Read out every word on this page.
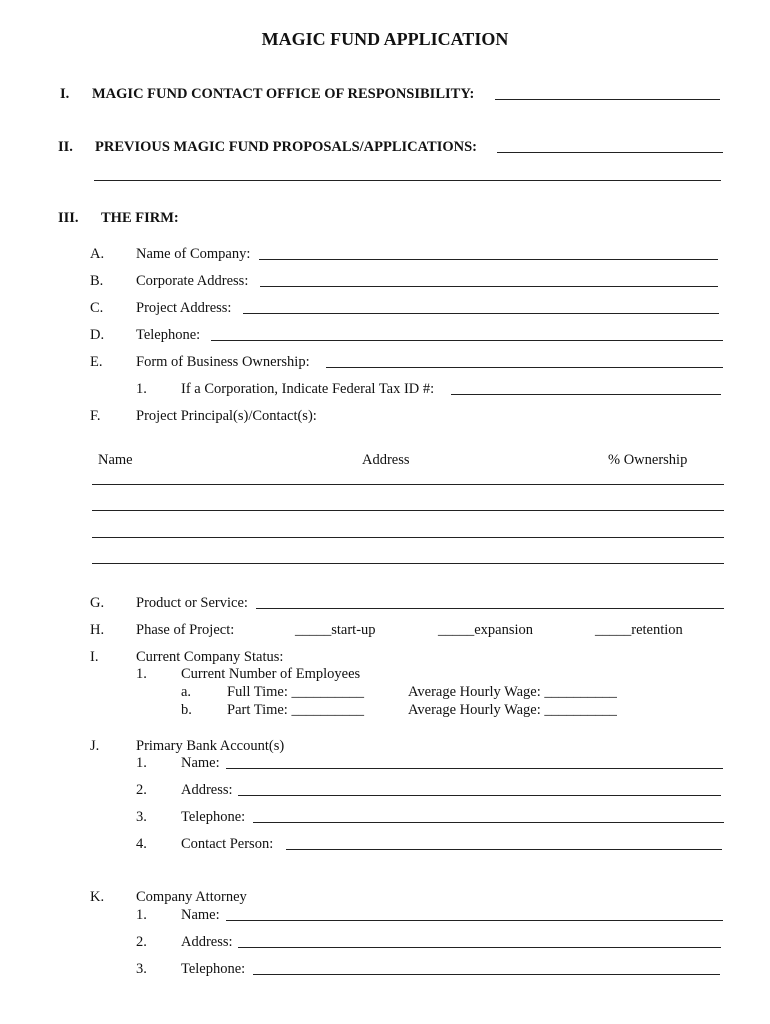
MAGIC FUND APPLICATION
I. MAGIC FUND CONTACT OFFICE OF RESPONSIBILITY:
II. PREVIOUS MAGIC FUND PROPOSALS/APPLICATIONS:
III. THE FIRM:
A. Name of Company:
B. Corporate Address:
C. Project Address:
D. Telephone:
E. Form of Business Ownership:
1. If a Corporation, Indicate Federal Tax ID #:
F. Project Principal(s)/Contact(s):
Name	Address	% Ownership
G. Product or Service:
H. Phase of Project:	_____start-up	_____expansion	_____retention
I.	Current Company Status:
1. Current Number of Employees
a. Full Time: __________	Average Hourly Wage: __________
b. Part Time: __________	Average Hourly Wage: __________
J.	Primary Bank Account(s)
1. Name:
2. Address:
3. Telephone:
4. Contact Person:
K. Company Attorney
1. Name:
2. Address:
3. Telephone:
